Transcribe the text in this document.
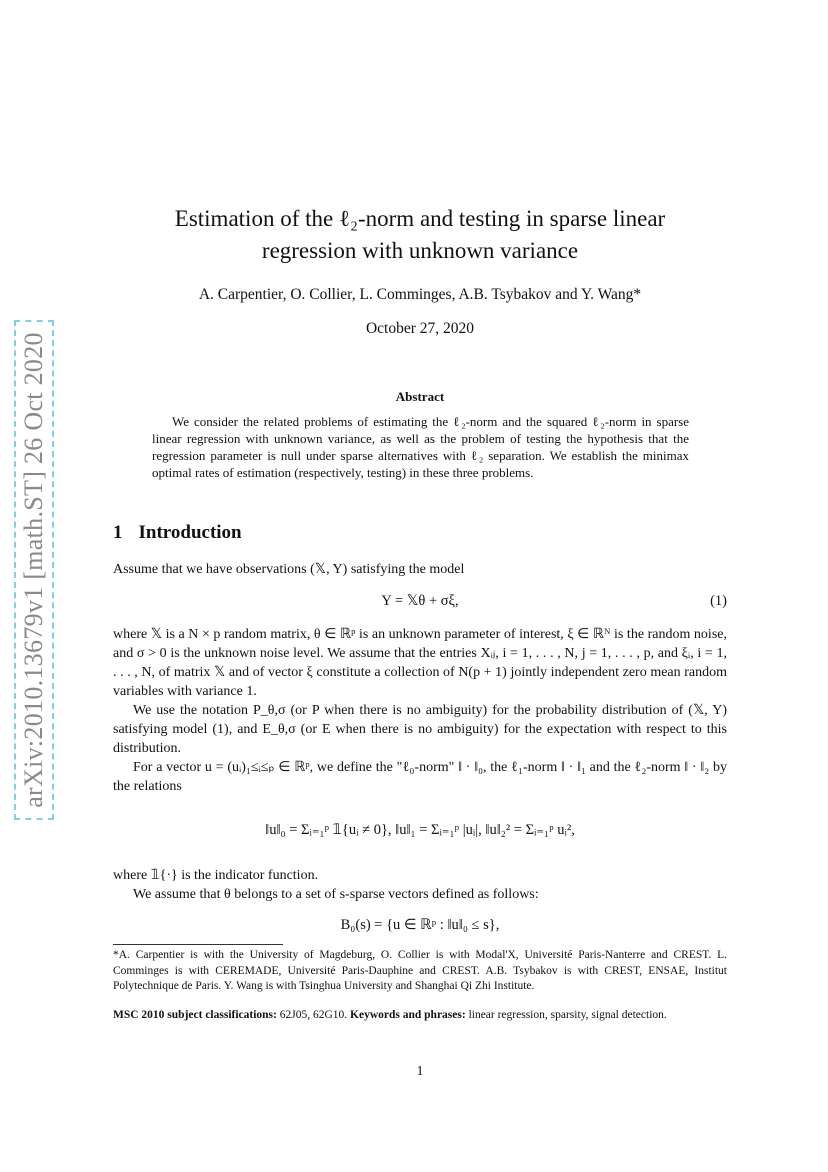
arXiv:2010.13679v1 [math.ST] 26 Oct 2020
Estimation of the ℓ₂-norm and testing in sparse linear
regression with unknown variance
A. Carpentier, O. Collier, L. Comminges, A.B. Tsybakov and Y. Wang*
October 27, 2020
Abstract
We consider the related problems of estimating the ℓ₂-norm and the squared ℓ₂-norm in sparse linear regression with unknown variance, as well as the problem of testing the hypothesis that the regression parameter is null under sparse alternatives with ℓ₂ separation. We establish the minimax optimal rates of estimation (respectively, testing) in these three problems.
1 Introduction
Assume that we have observations (𝕏, Y) satisfying the model
Y = 𝕏θ + σξ,	(1)
where 𝕏 is a N × p random matrix, θ ∈ ℝᵖ is an unknown parameter of interest, ξ ∈ ℝᴺ is the random noise, and σ > 0 is the unknown noise level. We assume that the entries Xᵢⱼ, i = 1, . . . , N, j = 1, . . . , p, and ξᵢ, i = 1, . . . , N, of matrix 𝕏 and of vector ξ constitute a collection of N(p + 1) jointly independent zero mean random variables with variance 1.
We use the notation P_θ,σ (or P when there is no ambiguity) for the probability distribution of (𝕏, Y) satisfying model (1), and E_θ,σ (or E when there is no ambiguity) for the expectation with respect to this distribution.
For a vector u = (uᵢ)₁≤ᵢ≤ₚ ∈ ℝᵖ, we define the "ℓ₀-norm" ‖ · ‖₀, the ℓ₁-norm ‖ · ‖₁ and the ℓ₂-norm ‖ · ‖₂ by the relations
‖u‖₀ = Σᵢ₌₁ᵖ 𝟙{uᵢ ≠ 0}, ‖u‖₁ = Σᵢ₌₁ᵖ |uᵢ|, ‖u‖₂² = Σᵢ₌₁ᵖ uᵢ²,
where 𝟙{·} is the indicator function.
We assume that θ belongs to a set of s-sparse vectors defined as follows:
B₀(s) = {u ∈ ℝᵖ : ‖u‖₀ ≤ s},
*A. Carpentier is with the University of Magdeburg, O. Collier is with Modal'X, Université Paris-Nanterre and CREST. L. Comminges is with CEREMADE, Université Paris-Dauphine and CREST. A.B. Tsybakov is with CREST, ENSAE, Institut Polytechnique de Paris. Y. Wang is with Tsinghua University and Shanghai Qi Zhi Institute.
MSC 2010 subject classifications: 62J05, 62G10. Keywords and phrases: linear regression, sparsity, signal detection.
1
